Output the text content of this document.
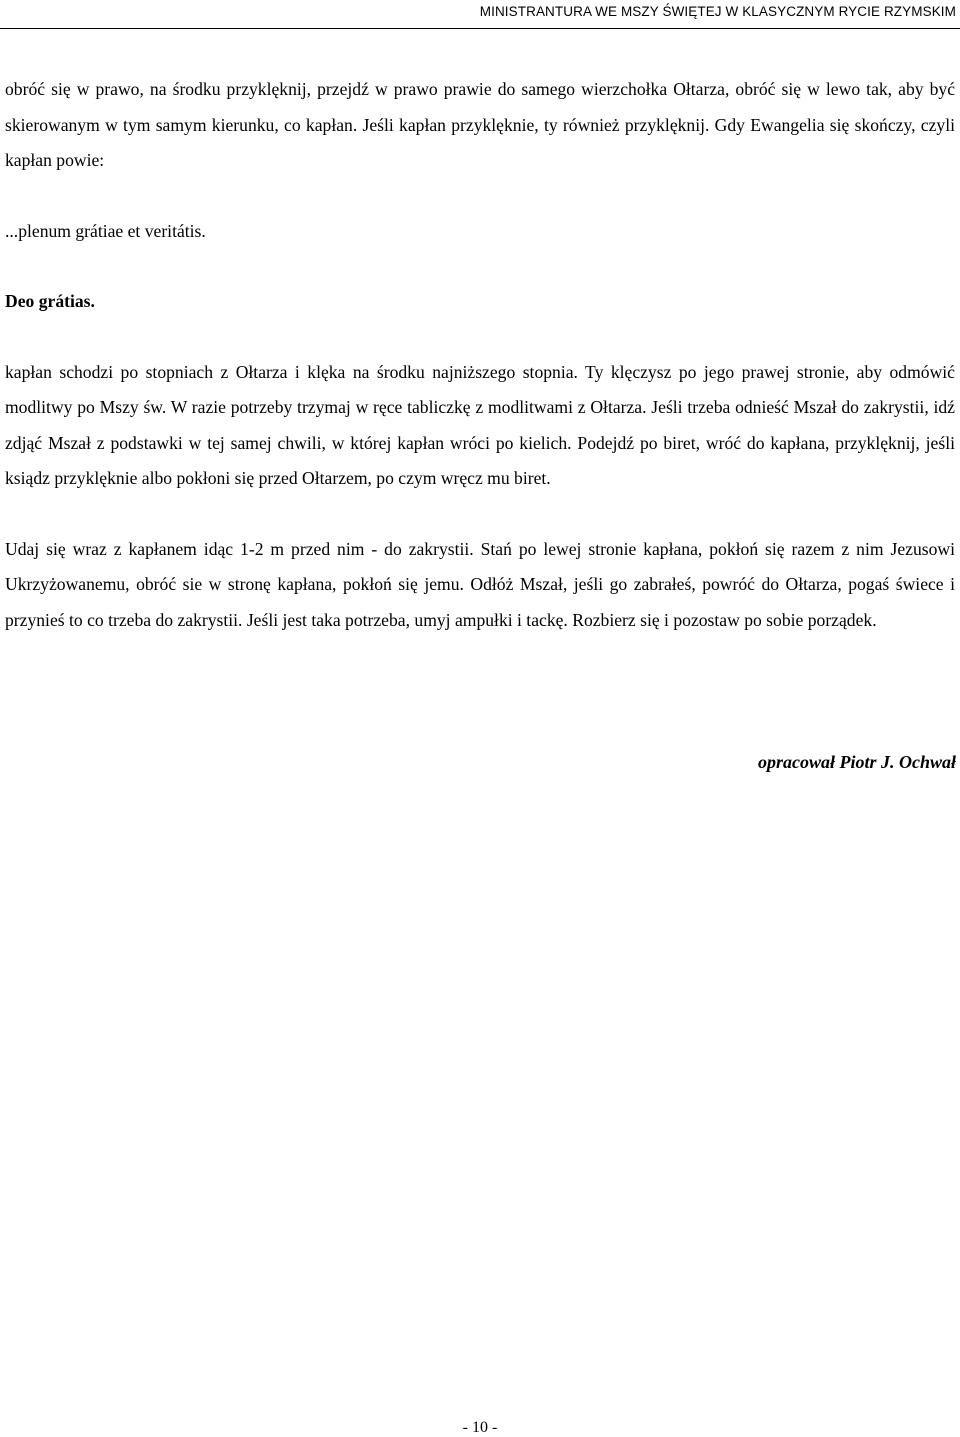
MINISTRANTURA WE MSZY ŚWIĘTEJ W KLASYCZNYM RYCIE RZYMSKIM

obróć się w prawo, na środku przyklęknij, przejdź w prawo prawie do samego wierzchołka Ołtarza, obróć się w lewo tak, aby być skierowanym w tym samym kierunku, co kapłan. Jeśli kapłan przyklęknie, ty również przyklęknij. Gdy Ewangelia się skończy, czyli kapłan powie:

...plenum grátiae et veritátis.

Deo grátias.

kapłan schodzi po stopniach z Ołtarza i klęka na środku najniższego stopnia. Ty klęczysz po jego prawej stronie, aby odmówić modlitwy po Mszy św. W razie potrzeby trzymaj w ręce tabliczkę z modlitwami z Ołtarza. Jeśli trzeba odnieść Mszał do zakrystii, idź zdjąć Mszał z podstawki w tej samej chwili, w której kapłan wróci po kielich. Podejdź po biret, wróć do kapłana, przyklęknij, jeśli ksiądz przyklęknie albo pokłoni się przed Ołtarzem, po czym wręcz mu biret.

Udaj się wraz z kapłanem idąc 1-2 m przed nim - do zakrystii. Stań po lewej stronie kapłana, pokłoń się razem z nim Jezusowi Ukrzyżowanemu, obróć sie w stronę kapłana, pokłoń się jemu. Odłóż Mszał, jeśli go zabrałeś, powróć do Ołtarza, pogaś świece i przynieś to co trzeba do zakrystii. Jeśli jest taka potrzeba, umyj ampułki i tackę. Rozbierz się i pozostaw po sobie porządek.

opracował Piotr J. Ochwał
- 10 -
